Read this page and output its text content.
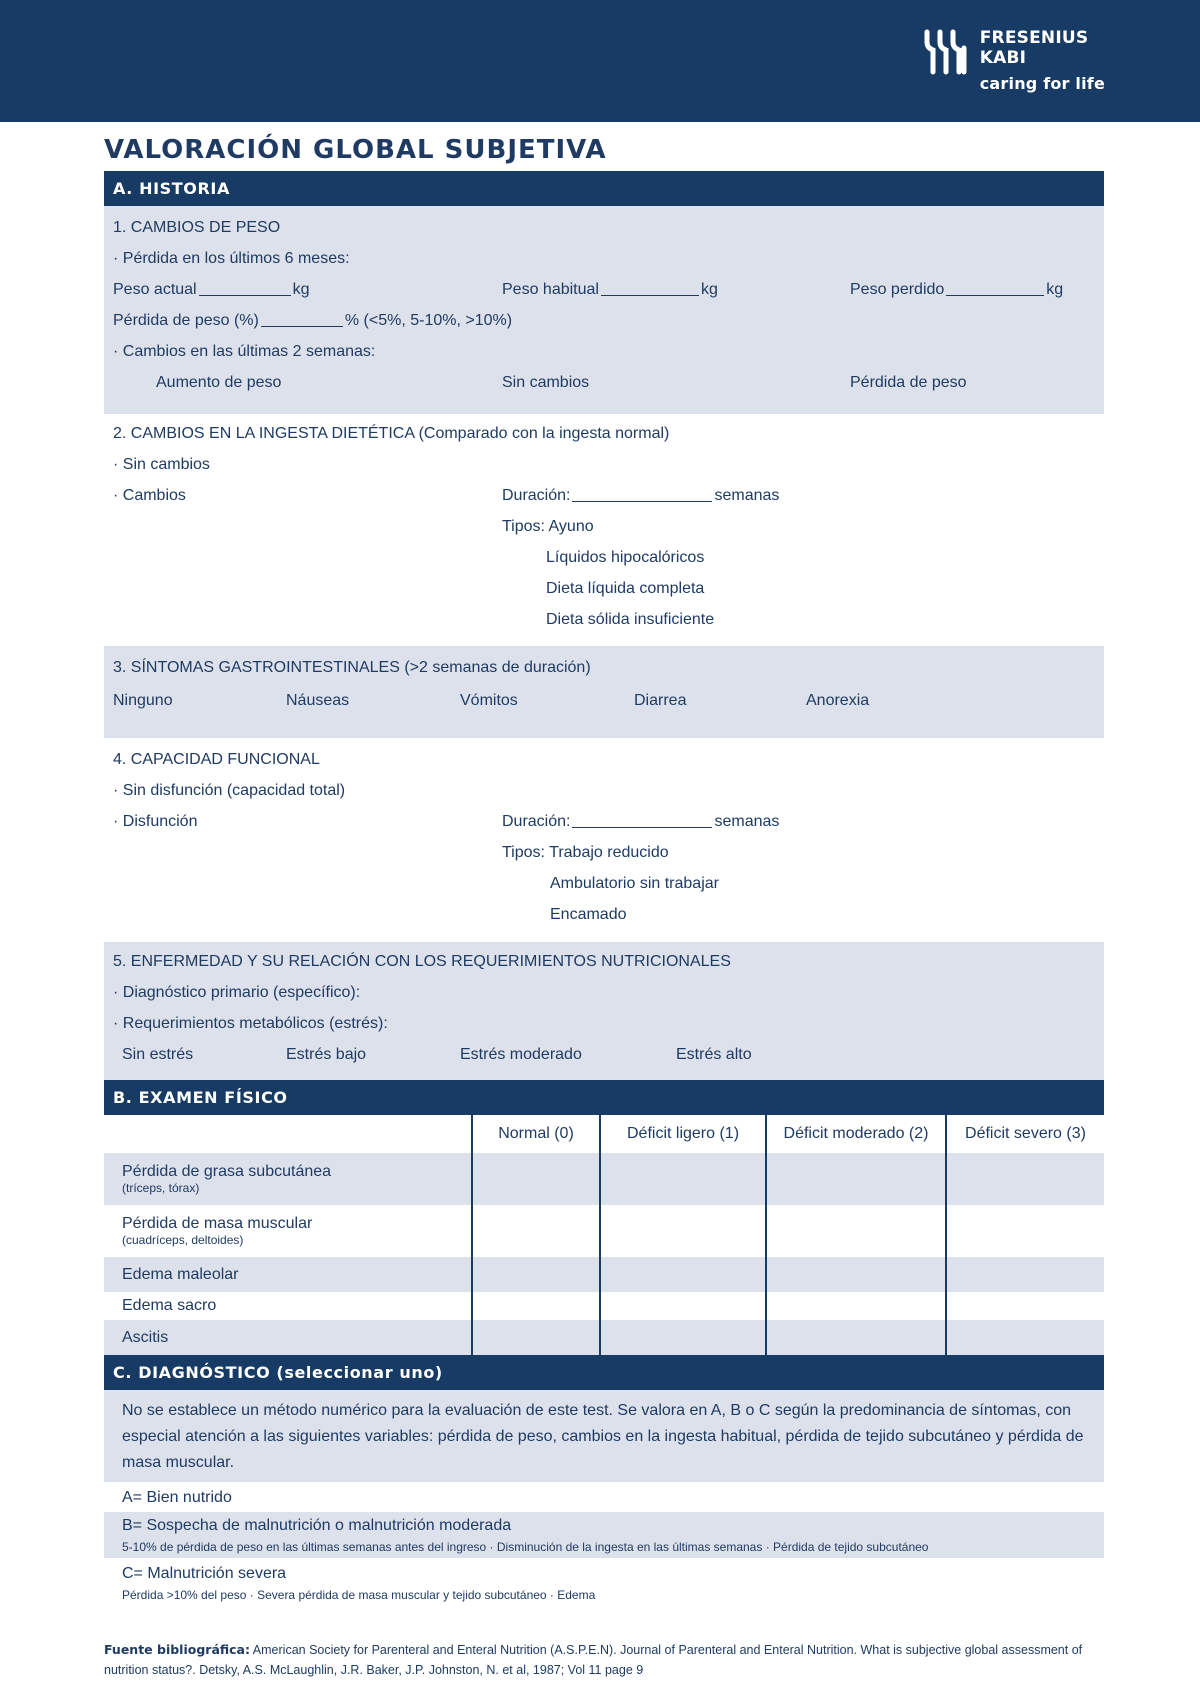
FRESENIUS
KABI
caring for life
VALORACIÓN GLOBAL SUBJETIVA
A. HISTORIA
1. CAMBIOS DE PESO
· Pérdida en los últimos 6 meses:
Peso actual	kg	Peso habitual	kg	Peso perdido	kg
Pérdida de peso (%)	% (<5%, 5-10%, >10%)
· Cambios en las últimas 2 semanas:
Aumento de peso	Sin cambios	Pérdida de peso
2. CAMBIOS EN LA INGESTA DIETÉTICA (Comparado con la ingesta normal)
· Sin cambios
· Cambios	Duración:	semanas
Tipos: Ayuno
Líquidos hipocalóricos
Dieta líquida completa
Dieta sólida insuficiente
3. SÍNTOMAS GASTROINTESTINALES (>2 semanas de duración)
Ninguno	Náuseas	Vómitos	Diarrea	Anorexia
4. CAPACIDAD FUNCIONAL
· Sin disfunción (capacidad total)
· Disfunción	Duración:	semanas
Tipos: Trabajo reducido
Ambulatorio sin trabajar
Encamado
5. ENFERMEDAD Y SU RELACIÓN CON LOS REQUERIMIENTOS NUTRICIONALES
· Diagnóstico primario (específico):
· Requerimientos metabólicos (estrés):
Sin estrés	Estrés bajo	Estrés moderado	Estrés alto
B. EXAMEN FÍSICO
	Normal (0)	Déficit ligero (1)	Déficit moderado (2)	Déficit severo (3)
Pérdida de grasa subcutánea
(tríceps, tórax)				

Pérdida de masa muscular
(cuadríceps, deltoides)				

Edema maleolar				
Edema sacro				
Ascitis				
C. DIAGNÓSTICO (seleccionar uno)
No se establece un método numérico para la evaluación de este test. Se valora en A, B o C según la predominancia de síntomas, con especial atención a las siguientes variables: pérdida de peso, cambios en la ingesta habitual, pérdida de tejido subcutáneo y pérdida de masa muscular.
A= Bien nutrido
B= Sospecha de malnutrición o malnutrición moderada
5-10% de pérdida de peso en las últimas semanas antes del ingreso · Disminución de la ingesta en las últimas semanas · Pérdida de tejido subcutáneo
C= Malnutrición severa
Pérdida >10% del peso · Severa pérdida de masa muscular y tejido subcutáneo · Edema
Fuente bibliográfica: American Society for Parenteral and Enteral Nutrition (A.S.P.E.N). Journal of Parenteral and Enteral Nutrition. What is subjective global assessment of nutrition status?. Detsky, A.S. McLaughlin, J.R. Baker, J.P. Johnston, N. et al, 1987; Vol 11 page 9
